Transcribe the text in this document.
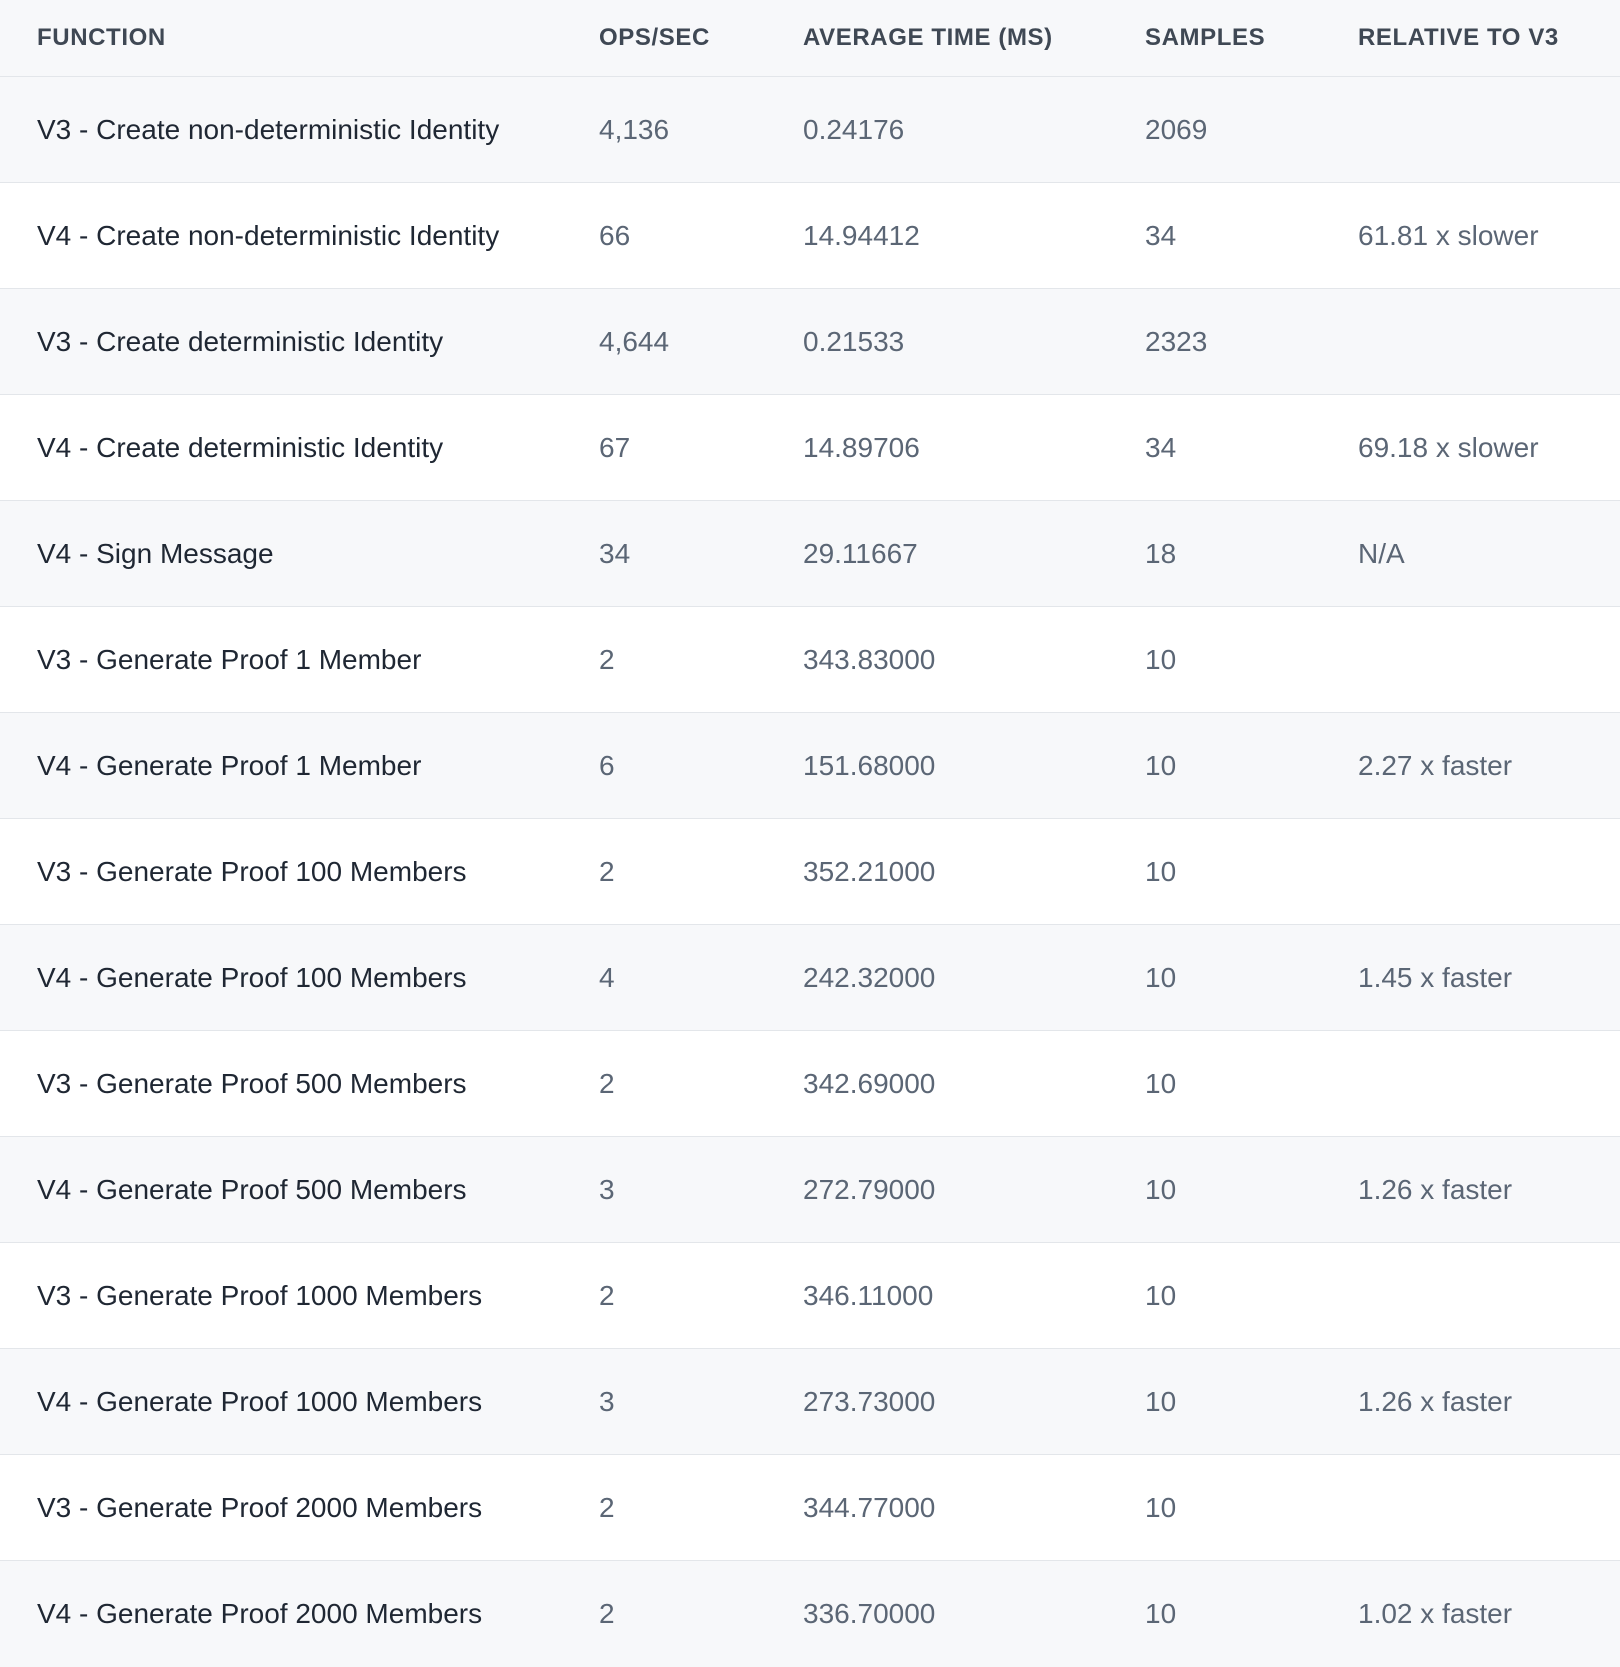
FUNCTION	OPS/SEC	AVERAGE TIME (MS)	SAMPLES	RELATIVE TO V3
V3 - Create non-deterministic Identity	4,136	0.24176	2069	
V4 - Create non-deterministic Identity	66	14.94412	34	61.81 x slower
V3 - Create deterministic Identity	4,644	0.21533	2323	
V4 - Create deterministic Identity	67	14.89706	34	69.18 x slower
V4 - Sign Message	34	29.11667	18	N/A
V3 - Generate Proof 1 Member	2	343.83000	10	
V4 - Generate Proof 1 Member	6	151.68000	10	2.27 x faster
V3 - Generate Proof 100 Members	2	352.21000	10	
V4 - Generate Proof 100 Members	4	242.32000	10	1.45 x faster
V3 - Generate Proof 500 Members	2	342.69000	10	
V4 - Generate Proof 500 Members	3	272.79000	10	1.26 x faster
V3 - Generate Proof 1000 Members	2	346.11000	10	
V4 - Generate Proof 1000 Members	3	273.73000	10	1.26 x faster
V3 - Generate Proof 2000 Members	2	344.77000	10	
V4 - Generate Proof 2000 Members	2	336.70000	10	1.02 x faster
